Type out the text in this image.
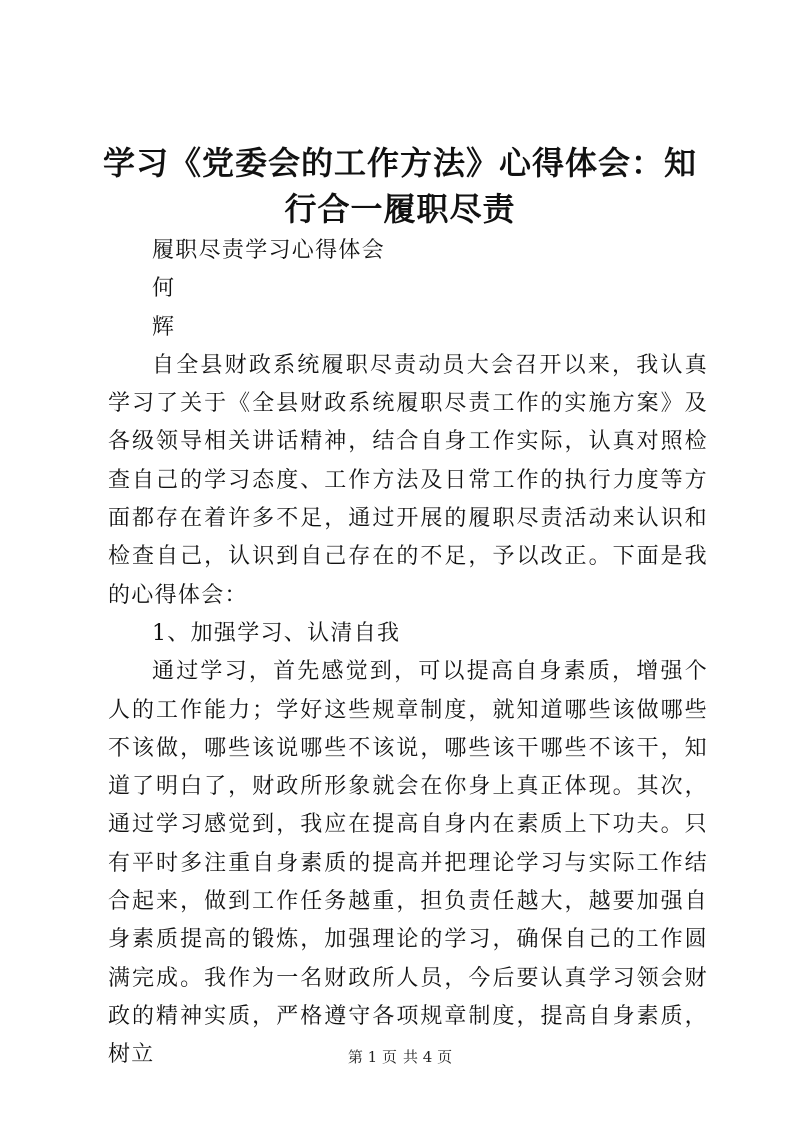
学习《党委会的工作方法》心得体会：知行合一履职尽责

履职尽责学习心得体会

何

辉

自全县财政系统履职尽责动员大会召开以来，我认真学习了关于《全县财政系统履职尽责工作的实施方案》及各级领导相关讲话精神，结合自身工作实际，认真对照检查自己的学习态度、工作方法及日常工作的执行力度等方面都存在着许多不足，通过开展的履职尽责活动来认识和检查自己，认识到自己存在的不足，予以改正。下面是我的心得体会：

1、加强学习、认清自我

通过学习，首先感觉到，可以提高自身素质，增强个人的工作能力；学好这些规章制度，就知道哪些该做哪些不该做，哪些该说哪些不该说，哪些该干哪些不该干，知道了明白了，财政所形象就会在你身上真正体现。其次，通过学习感觉到，我应在提高自身内在素质上下功夫。只有平时多注重自身素质的提高并把理论学习与实际工作结合起来，做到工作任务越重，担负责任越大，越要加强自身素质提高的锻炼，加强理论的学习，确保自己的工作圆满完成。我作为一名财政所人员，今后要认真学习领会财政的精神实质，严格遵守各项规章制度，提高自身素质，树立	第 1 页 共 4 页
